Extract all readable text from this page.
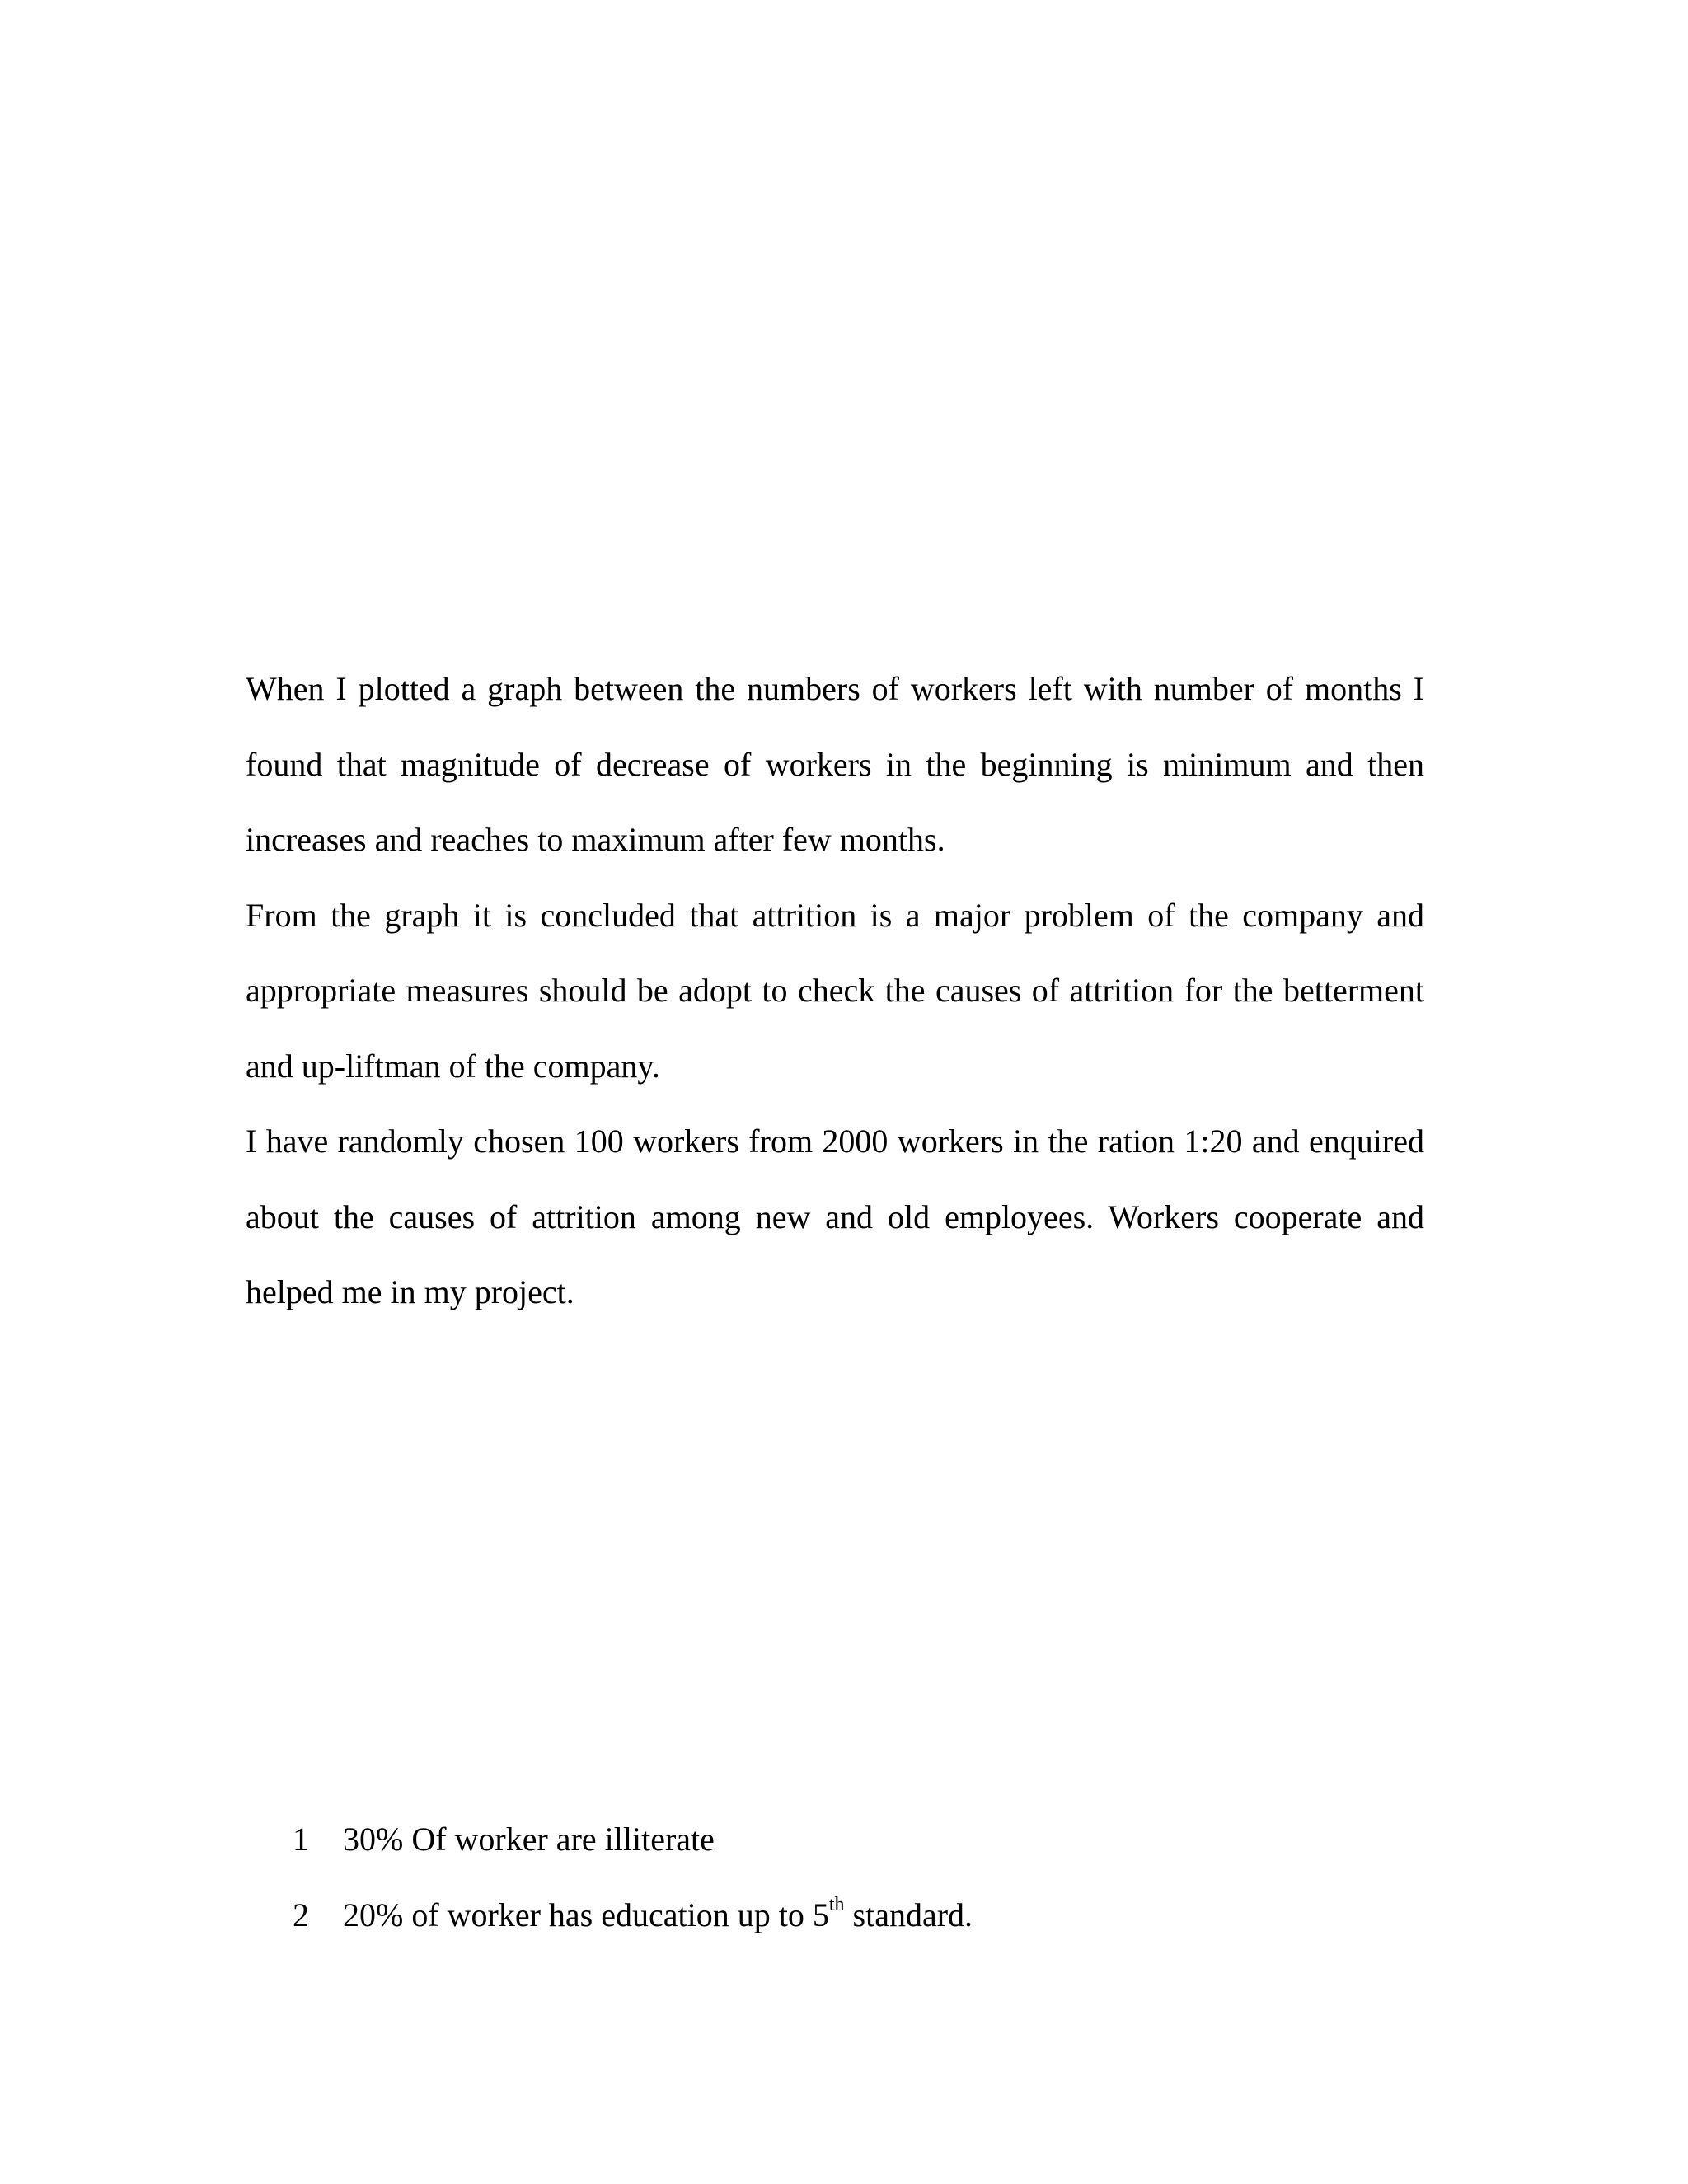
When I plotted a graph between the numbers of workers left with number of months I found that magnitude of decrease of workers in the beginning is minimum and then increases and reaches to maximum after few months.

From the graph it is concluded that attrition is a major problem of the company and appropriate measures should be adopt to check the causes of attrition for the betterment and up-liftman of the company.

I have randomly chosen 100 workers from 2000 workers in the ration 1:20 and enquired about the causes of attrition among new and old employees. Workers cooperate and helped me in my project.

1	30% Of worker are illiterate
2	20% of worker has education up to 5th standard.
